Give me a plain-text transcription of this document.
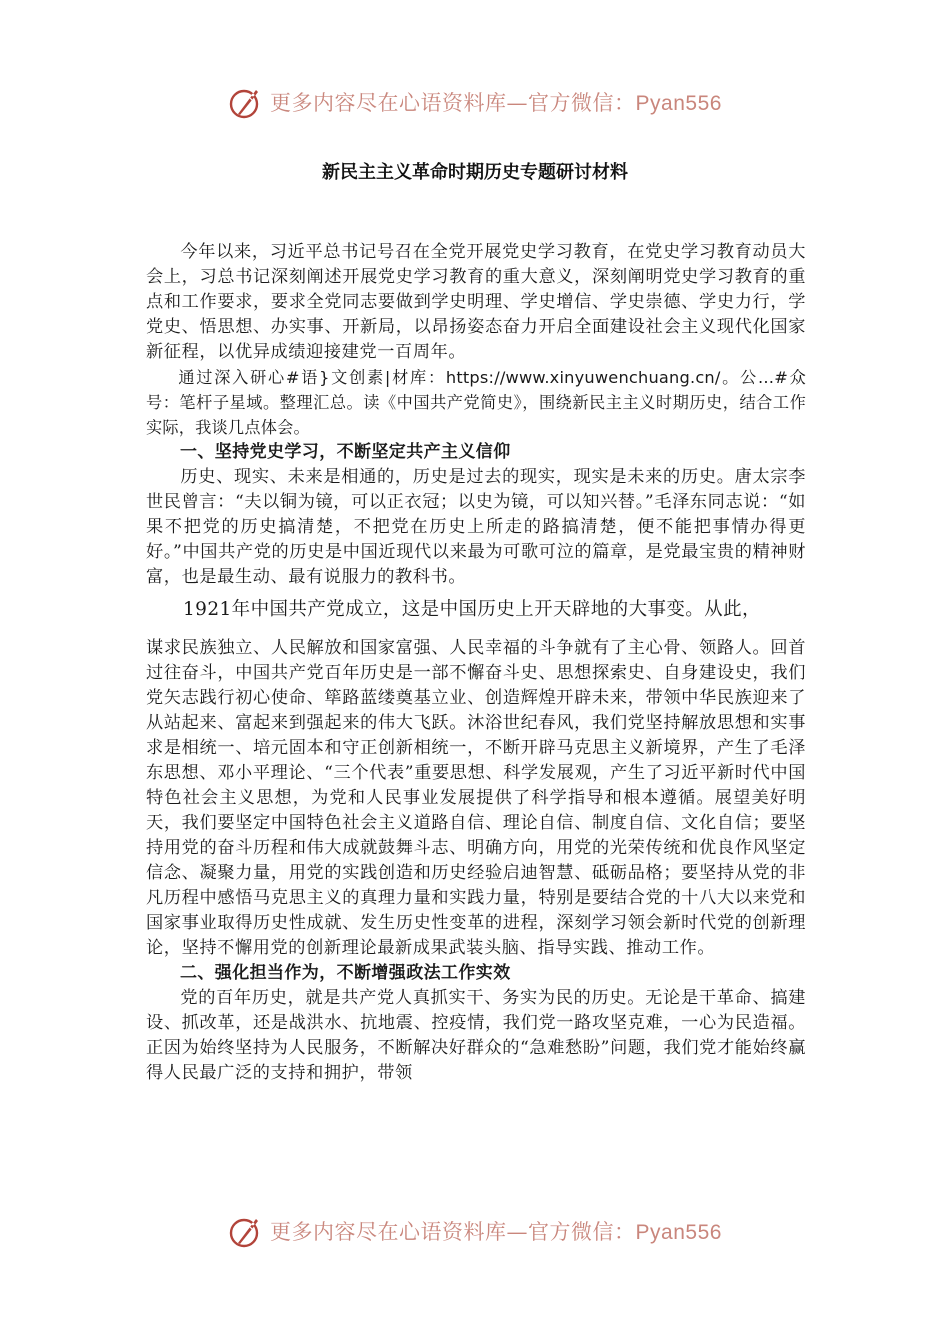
更多内容尽在心语资料库—官方微信：Pyan556
新民主主义革命时期历史专题研讨材料

今年以来，习近平总书记号召在全党开展党史学习教育，在党史学习教育动员大会上，习总书记深刻阐述开展党史学习教育的重大意义，深刻阐明党史学习教育的重点和工作要求，要求全党同志要做到学史明理、学史增信、学史崇德、学史力行，学党史、悟思想、办实事、开新局，以昂扬姿态奋力开启全面建设社会主义现代化国家新征程，以优异成绩迎接建党一百周年。

通过深入研心#语}文创素|材库：https://www.xinyuwenchuang.cn/。公…#众号：笔杆子星域。整理汇总。读《中国共产党简史》，围绕新民主主义时期历史，结合工作实际，我谈几点体会。

一、坚持党史学习，不断坚定共产主义信仰

历史、现实、未来是相通的，历史是过去的现实，现实是未来的历史。唐太宗李世民曾言：“夫以铜为镜，可以正衣冠；以史为镜，可以知兴替。”毛泽东同志说：“如果不把党的历史搞清楚，不把党在历史上所走的路搞清楚，便不能把事情办得更好。”中国共产党的历史是中国近现代以来最为可歌可泣的篇章，是党最宝贵的精神财富，也是最生动、最有说服力的教科书。

1921年中国共产党成立，这是中国历史上开天辟地的大事变。从此，

谋求民族独立、人民解放和国家富强、人民幸福的斗争就有了主心骨、领路人。回首过往奋斗，中国共产党百年历史是一部不懈奋斗史、思想探索史、自身建设史，我们党矢志践行初心使命、筚路蓝缕奠基立业、创造辉煌开辟未来，带领中华民族迎来了从站起来、富起来到强起来的伟大飞跃。沐浴世纪春风，我们党坚持解放思想和实事求是相统一、培元固本和守正创新相统一，不断开辟马克思主义新境界，产生了毛泽东思想、邓小平理论、“三个代表”重要思想、科学发展观，产生了习近平新时代中国特色社会主义思想，为党和人民事业发展提供了科学指导和根本遵循。展望美好明天，我们要坚定中国特色社会主义道路自信、理论自信、制度自信、文化自信；要坚持用党的奋斗历程和伟大成就鼓舞斗志、明确方向，用党的光荣传统和优良作风坚定信念、凝聚力量，用党的实践创造和历史经验启迪智慧、砥砺品格；要坚持从党的非凡历程中感悟马克思主义的真理力量和实践力量，特别是要结合党的十八大以来党和国家事业取得历史性成就、发生历史性变革的进程，深刻学习领会新时代党的创新理论，坚持不懈用党的创新理论最新成果武装头脑、指导实践、推动工作。

二、强化担当作为，不断增强政法工作实效

党的百年历史，就是共产党人真抓实干、务实为民的历史。无论是干革命、搞建设、抓改革，还是战洪水、抗地震、控疫情，我们党一路攻坚克难，一心为民造福。正因为始终坚持为人民服务，不断解决好群众的“急难愁盼”问题，我们党才能始终赢得人民最广泛的支持和拥护，带领

更多内容尽在心语资料库—官方微信：Pyan556
